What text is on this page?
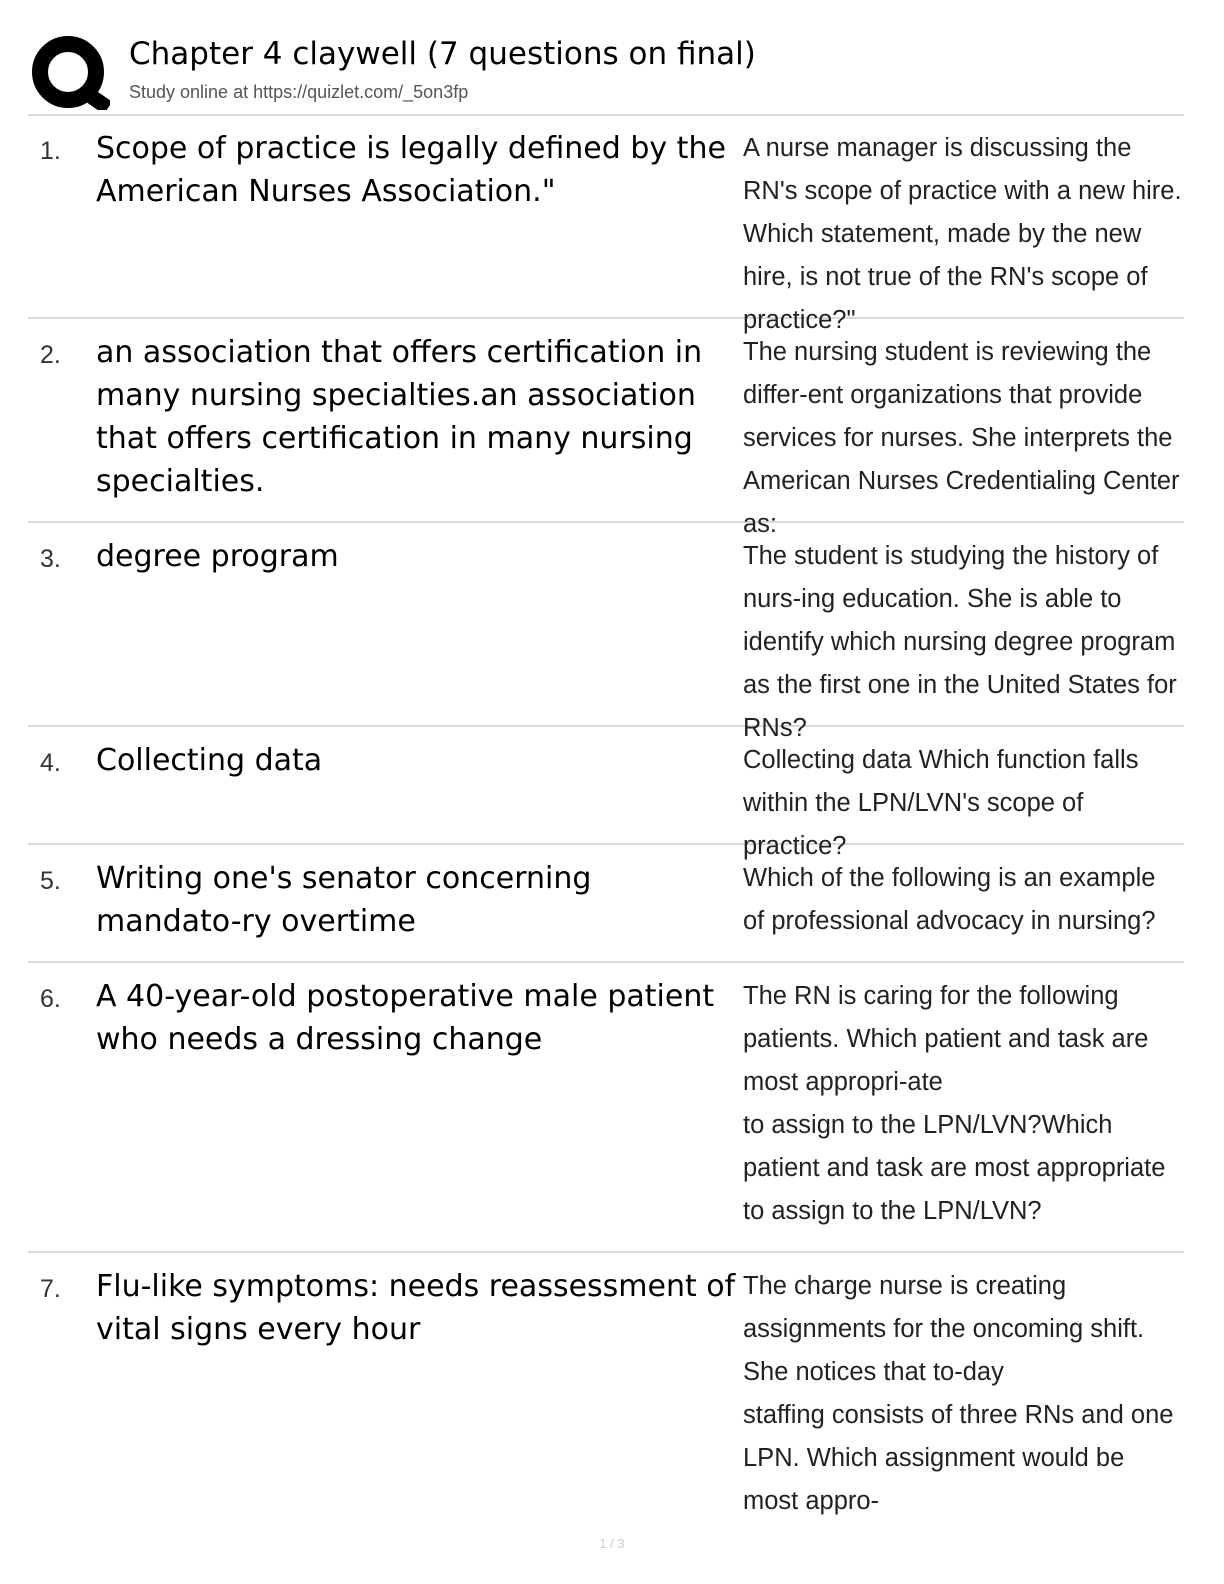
Chapter 4 claywell (7 questions on final)
Study online at https://quizlet.com/_5on3fp
1. Scope of practice is legally defined by the American Nurses Association."
A nurse manager is discussing the RN's scope of practice with a new hire. Which statement, made by the new hire, is not true of the RN's scope of practice?"
2. an association that offers certification in many nursing specialties.an association that offers certification in many nursing specialties.
The nursing student is reviewing the differ-ent organizations that provide services for nurses. She interprets the American Nurses Credentialing Center as:
3. degree program	The student is studying the history of nurs-ing education. She is able to identify which nursing degree program as the first one in the United States for RNs?
4. Collecting data	Collecting data Which function falls within the LPN/LVN's scope of practice?
5. Writing one's senator concerning mandato-ry overtime
Which of the following is an example of professional advocacy in nursing?
6. A 40-year-old postoperative male patient who needs a dressing change
The RN is caring for the following patients. Which patient and task are most appropri-ate
to assign to the LPN/LVN?Which patient and task are most appropriate
to assign to the LPN/LVN?
7. Flu-like symptoms: needs reassessment of vital signs every hour
The charge nurse is creating assignments for the oncoming shift. She notices that to-day
staffing consists of three RNs and one LPN. Which assignment would be most appro-
1 / 3
